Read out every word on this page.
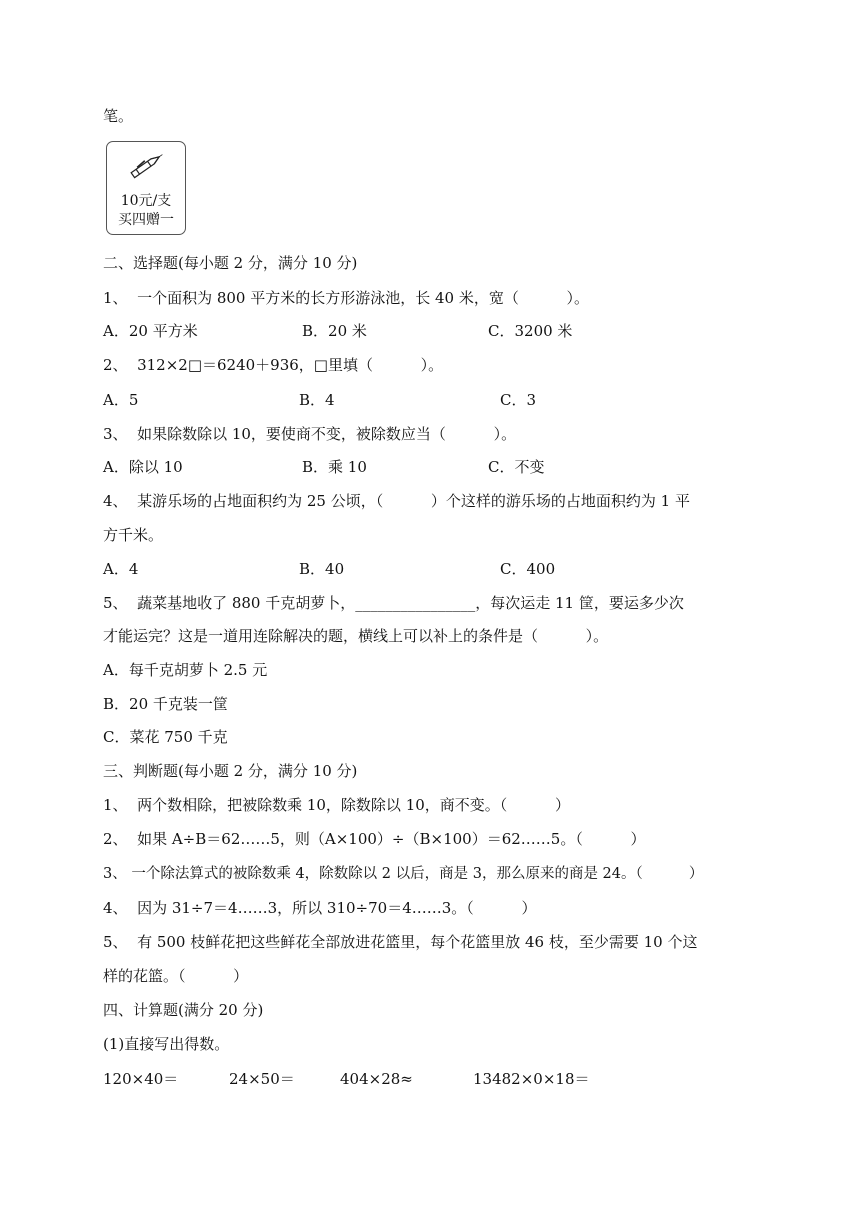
笔。
10元/支
买四赠一
二、选择题(每小题 2 分，满分 10 分)
1、  一个面积为 800 平方米的长方形游泳池，长 40 米，宽（          ）。
A．20 平方米	B．20 米	C．3200 米
2、  312×2□＝6240＋936，□里填（          ）。
A．5	B．4	C．3
3、  如果除数除以 10，要使商不变，被除数应当（          ）。
A．除以 10	B．乘 10	C．不变
4、  某游乐场的占地面积约为 25 公顷，（          ）个这样的游乐场的占地面积约为 1 平
方千米。
A．4	B．40	C．400
5、  蔬菜基地收了 880 千克胡萝卜，________________，每次运走 11 筐，要运多少次
才能运完？这是一道用连除解决的题，横线上可以补上的条件是（          ）。
A．每千克胡萝卜 2.5 元
B．20 千克装一筐
C．菜花 750 千克
三、判断题(每小题 2 分，满分 10 分)
1、  两个数相除，把被除数乘 10，除数除以 10，商不变。（          ）
2、  如果 A÷B＝62……5，则（A×100）÷（B×100）＝62……5。（          ）
3、 一个除法算式的被除数乘 4，除数除以 2 以后，商是 3，那么原来的商是 24。（          ）
4、  因为 31÷7＝4……3，所以 310÷70＝4……3。（          ）
5、  有 500 枝鲜花把这些鲜花全部放进花篮里，每个花篮里放 46 枝，至少需要 10 个这
样的花篮。（          ）
四、计算题(满分 20 分)
(1)直接写出得数。
120×40＝	24×50＝	404×28≈	13482×0×18＝
